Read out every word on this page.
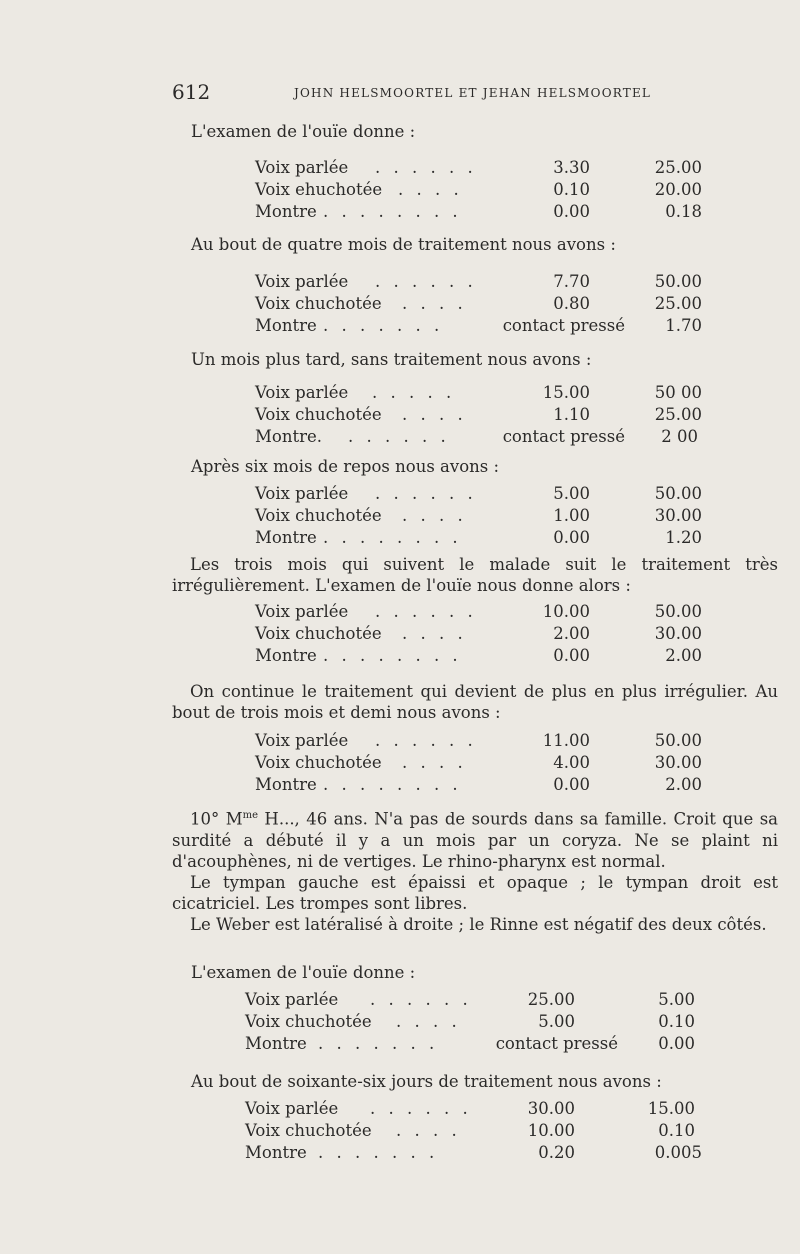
612	JOHN HELSMOORTEL ET JEHAN HELSMOORTEL
L'examen de l'ouïe donne :
Voix parlée . . . . . .	3.30	25.00
Voix ehuchotée . . . .	0.10	20.00
Montre . . . . . . . .	0.00	0.18
Au bout de quatre mois de traitement nous avons :
Voix parlée . . . . . .	7.70	50.00
Voix chuchotée . . . .	0.80	25.00
Montre . . . . . . .	contact pressé 1.70
Un mois plus tard, sans traitement nous avons :
Voix parlée . . . . .	15.00	50 00
Voix chuchotée . . . .	1.10	25.00
Montre. . . . . . .	contact pressé 2 00
Après six mois de repos nous avons :
Voix parlée . . . . . .	5.00	50.00
Voix chuchotée . . . .	1.00	30.00
Montre . . . . . . . .	0.00	1.20

Les trois mois qui suivent le malade suit le traitement très irrégulièrement. L'examen de l'ouïe nous donne alors :

Voix parlée . . . . . .	10.00	50.00
Voix chuchotée . . . .	2.00	30.00
Montre . . . . . . . .	0.00	2.00

On continue le traitement qui devient de plus en plus irrégulier. Au bout de trois mois et demi nous avons :

Voix parlée . . . . . .	11.00	50.00
Voix chuchotée . . . .	4.00	30.00
Montre . . . . . . . .	0.00	2.00

10° $M^{me}$ H..., 46 ans. N'a pas de sourds dans sa famille. Croit que sa surdité a débuté il y a un mois par un coryza. Ne se plaint ni d'acouphènes, ni de vertiges. Le rhino-pharynx est normal.

Le tympan gauche est épaissi et opaque ; le tympan droit est cicatriciel. Les trompes sont libres.

Le Weber est latéralisé à droite ; le Rinne est négatif des deux côtés.

L'examen de l'ouïe donne :
Voix parlée . . . . . .	25.00	5.00
Voix chuchotée . . . .	5.00	0.10
Montre . . . . . . .	contact pressé 0.00
Au bout de soixante-six jours de traitement nous avons :
Voix parlée . . . . . .	30.00	15.00
Voix chuchotée . . . .	10.00	0.10
Montre . . . . . . .	0.20	0.005
